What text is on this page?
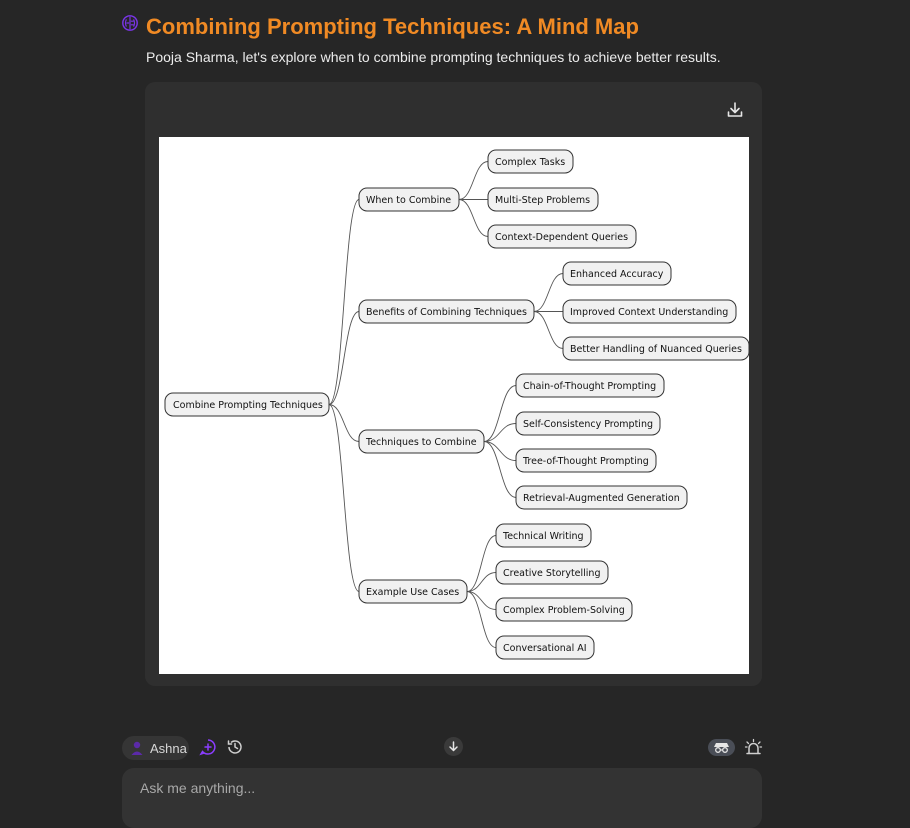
Combining Prompting Techniques: A Mind Map
Pooja Sharma, let's explore when to combine prompting techniques to achieve better results.
Combine Prompting Techniques
When to Combine
Complex Tasks
Multi-Step Problems
Context-Dependent Queries
Benefits of Combining Techniques
Enhanced Accuracy
Improved Context Understanding
Better Handling of Nuanced Queries
Techniques to Combine
Chain-of-Thought Prompting
Self-Consistency Prompting
Tree-of-Thought Prompting
Retrieval-Augmented Generation
Example Use Cases
Technical Writing
Creative Storytelling
Complex Problem-Solving
Conversational AI
Ashna
Ask me anything...
